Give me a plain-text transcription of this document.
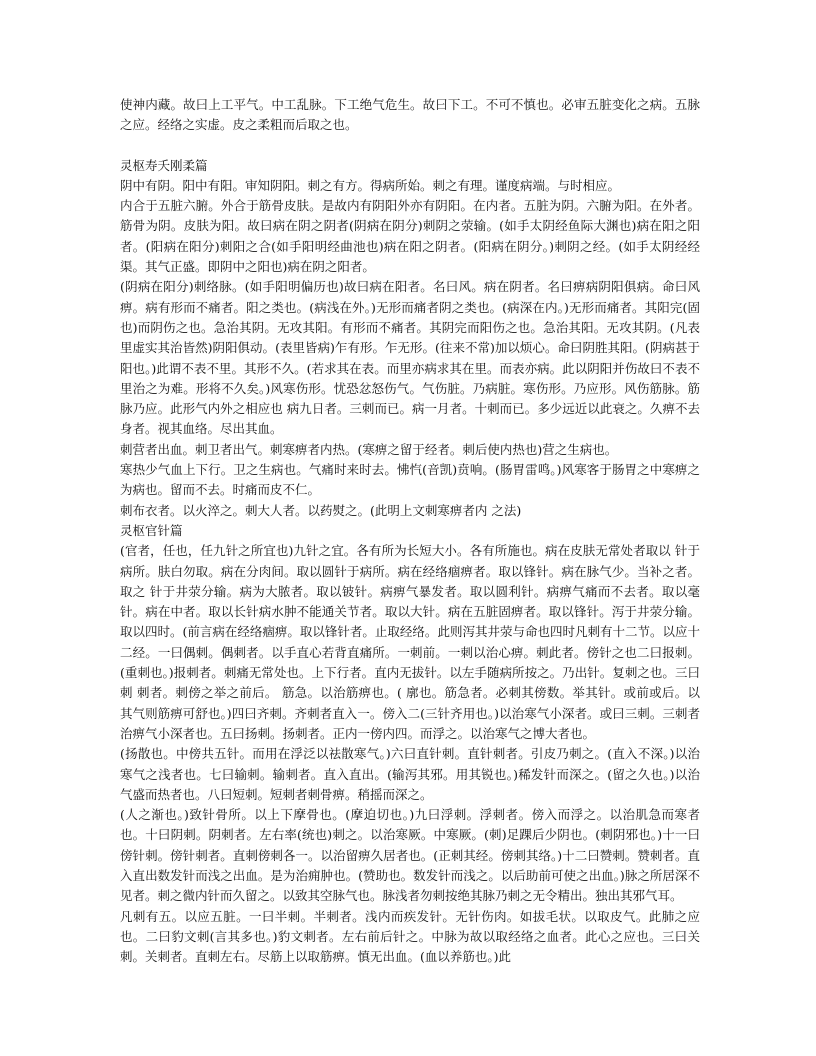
使神内藏。故曰上工平气。中工乱脉。下工绝气危生。故曰下工。不可不慎也。必审五脏变化之病。五脉之应。经络之实虚。皮之柔粗而后取之也。

灵枢寿夭刚柔篇

阴中有阴。阳中有阳。审知阴阳。刺之有方。得病所始。刺之有理。谨度病端。与时相应。

内合于五脏六腑。外合于筋骨皮肤。是故内有阴阳外亦有阴阳。在内者。五脏为阴。六腑为阳。在外者。筋骨为阴。皮肤为阳。故曰病在阴之阴者(阴病在阴分)刺阴之荥输。(如手太阴经鱼际大渊也)病在阳之阳者。(阳病在阳分)刺阳之合(如手阳明经曲池也)病在阳之阴者。(阳病在阴分。)刺阴之经。(如手太阴经经渠。其气正盛。即阴中之阳也)病在阴之阳者。

(阴病在阳分)刺络脉。(如手阳明偏历也)故曰病在阳者。名曰风。病在阴者。名曰痹病阴阳俱病。命曰风痹。病有形而不痛者。阳之类也。(病浅在外。)无形而痛者阴之类也。(病深在内。)无形而痛者。其阳完(固也)而阴伤之也。急治其阴。无攻其阳。有形而不痛者。其阴完而阳伤之也。急治其阳。无攻其阴。(凡表里虚实其治皆然)阴阳俱动。(表里皆病)乍有形。乍无形。(往来不常)加以烦心。命曰阴胜其阳。(阴病甚于阳也。)此谓不表不里。其形不久。(若求其在表。而里亦病求其在里。而表亦病。此以阴阳并伤故曰不表不里治之为难。形将不久矣。)风寒伤形。忧恐忿怒伤气。气伤脏。乃病脏。寒伤形。乃应形。风伤筋脉。筋脉乃应。此形气内外之相应也 病九日者。三刺而已。病一月者。十刺而已。多少远近以此衰之。久痹不去身者。视其血络。尽出其血。

刺营者出血。刺卫者出气。刺寒痹者内热。(寒痹之留于经者。刺后使内热也)营之生病也。

寒热少气血上下行。卫之生病也。气痛时来时去。怫忾(音凯)贲响。(肠胃雷鸣。)风寒客于肠胃之中寒痹之为病也。留而不去。时痛而皮不仁。

刺布衣者。以火淬之。刺大人者。以药熨之。(此明上文刺寒痹者内 之法)

灵枢官针篇

(官者，任也，任九针之所宜也)九针之宜。各有所为长短大小。各有所施也。病在皮肤无常处者取以 针于病所。肤白勿取。病在分肉间。取以圆针于病所。病在经络痼痹者。取以锋针。病在脉气少。当补之者。取之 针于井荥分输。病为大脓者。取以铍针。病痹气暴发者。取以圆利针。病痹气痛而不去者。取以毫针。病在中者。取以长针病水肿不能通关节者。取以大针。病在五脏固痹者。取以锋针。泻于井荥分输。取以四时。(前言病在经络痼痹。取以锋针者。止取经络。此则泻其井荥与命也四时凡刺有十二节。以应十二经。一曰偶刺。偶刺者。以手直心若背直痛所。一刺前。一刺以治心痹。刺此者。傍针之也二曰报刺。(重刺也。)报刺者。刺痛无常处也。上下行者。直内无拔针。以左手随病所按之。乃出针。复刺之也。三曰 刺 刺者。刺傍之举之前后。 筋急。以治筋痹也。( 廓也。筋急者。必刺其傍数。举其针。或前或后。以 其气则筋痹可舒也。)四曰齐刺。齐刺者直入一。傍入二(三针齐用也。)以治寒气小深者。或曰三刺。三刺者治痹气小深者也。五曰扬刺。扬刺者。正内一傍内四。而浮之。以治寒气之博大者也。

(扬散也。中傍共五针。而用在浮泛以祛散寒气。)六曰直针刺。直针刺者。引皮乃刺之。(直入不深。)以治寒气之浅者也。七曰输刺。输刺者。直入直出。(输泻其邪。用其锐也。)稀发针而深之。(留之久也。)以治气盛而热者也。八曰短刺。短刺者刺骨痹。稍摇而深之。

(人之渐也。)致针骨所。以上下摩骨也。(摩迫切也。)九曰浮刺。浮刺者。傍入而浮之。以治肌急而寒者也。十曰阴刺。阴刺者。左右率(统也)刺之。以治寒厥。中寒厥。(刺)足踝后少阴也。(刺阴邪也。)十一曰傍针刺。傍针刺者。直刺傍刺各一。以治留痹久居者也。(正刺其经。傍刺其络。)十二曰赞刺。赞刺者。直入直出数发针而浅之出血。是为治痈肿也。(赞助也。数发针而浅之。以后助前可使之出血。)脉之所居深不见者。刺之微内针而久留之。以致其空脉气也。脉浅者勿刺按绝其脉乃刺之无令精出。独出其邪气耳。

凡刺有五。以应五脏。一曰半刺。半刺者。浅内而疾发针。无针伤肉。如拔毛状。以取皮气。此肺之应也。二曰豹文刺(言其多也。)豹文刺者。左右前后针之。中脉为故以取经络之血者。此心之应也。三曰关刺。关刺者。直刺左右。尽筋上以取筋痹。慎无出血。(血以养筋也。)此
